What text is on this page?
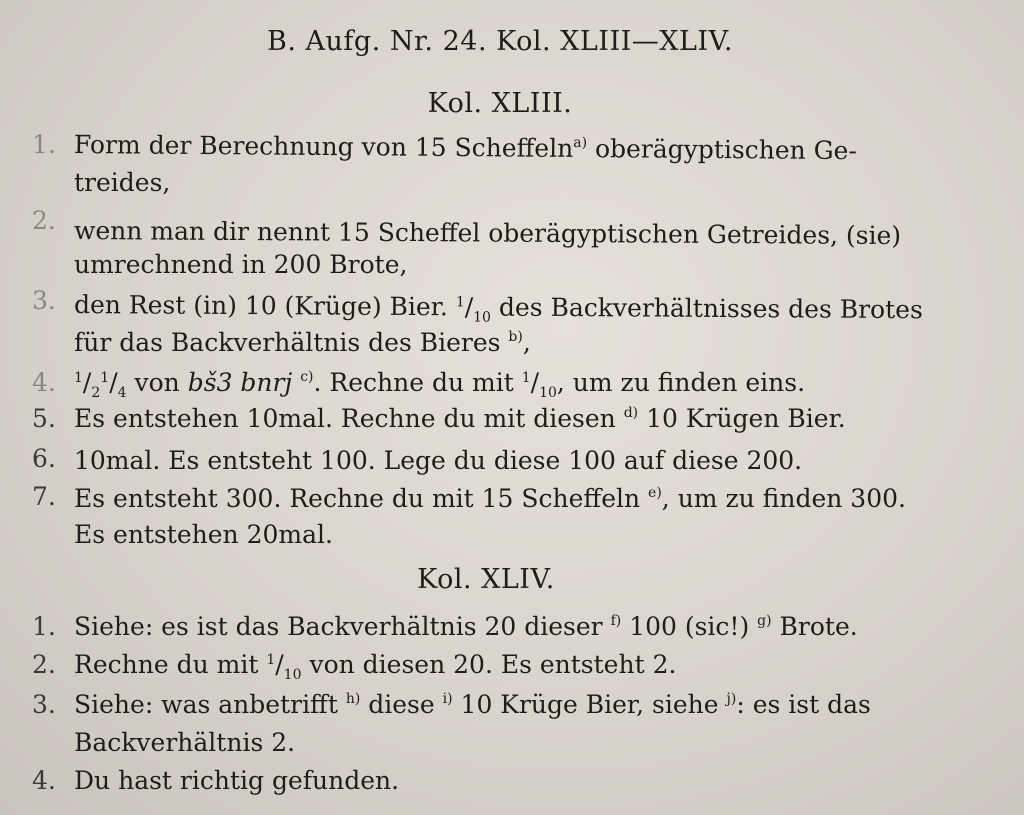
B. Aufg. Nr. 24. Kol. XLIII—XLIV.
Kol. XLIII.
1. Form der Berechnung von 15 Scheffeln$^{a)}$ oberägyptischen Ge-
treides,
2. wenn man dir nennt 15 Scheffel oberägyptischen Getreides, (sie)
umrechnend in 200 Brote,
3. den Rest (in) 10 (Krüge) Bier. $^1/_{10}$ des Backverhältnisses des Brotes
für das Backverhältnis des Bieres $^{b)}$,
4. $^1/_2^1/_4$ von bš3 bnrj $^{c)}$. Rechne du mit $^1/_{10}$, um zu finden eins.
5. Es entstehen 10mal. Rechne du mit diesen $^{d)}$ 10 Krügen Bier.
6. 10mal. Es entsteht 100. Lege du diese 100 auf diese 200.
7. Es entsteht 300. Rechne du mit 15 Scheffeln $^{e)}$, um zu finden 300.
Es entstehen 20mal.
Kol. XLIV.
1. Siehe: es ist das Backverhältnis 20 dieser $^{f)}$ 100 (sic!) $^{g)}$ Brote.
2. Rechne du mit $^1/_{10}$ von diesen 20. Es entsteht 2.
3. Siehe: was anbetrifft $^{h)}$ diese $^{i)}$ 10 Krüge Bier, siehe $^{j)}$: es ist das
Backverhältnis 2.
4. Du hast richtig gefunden.
